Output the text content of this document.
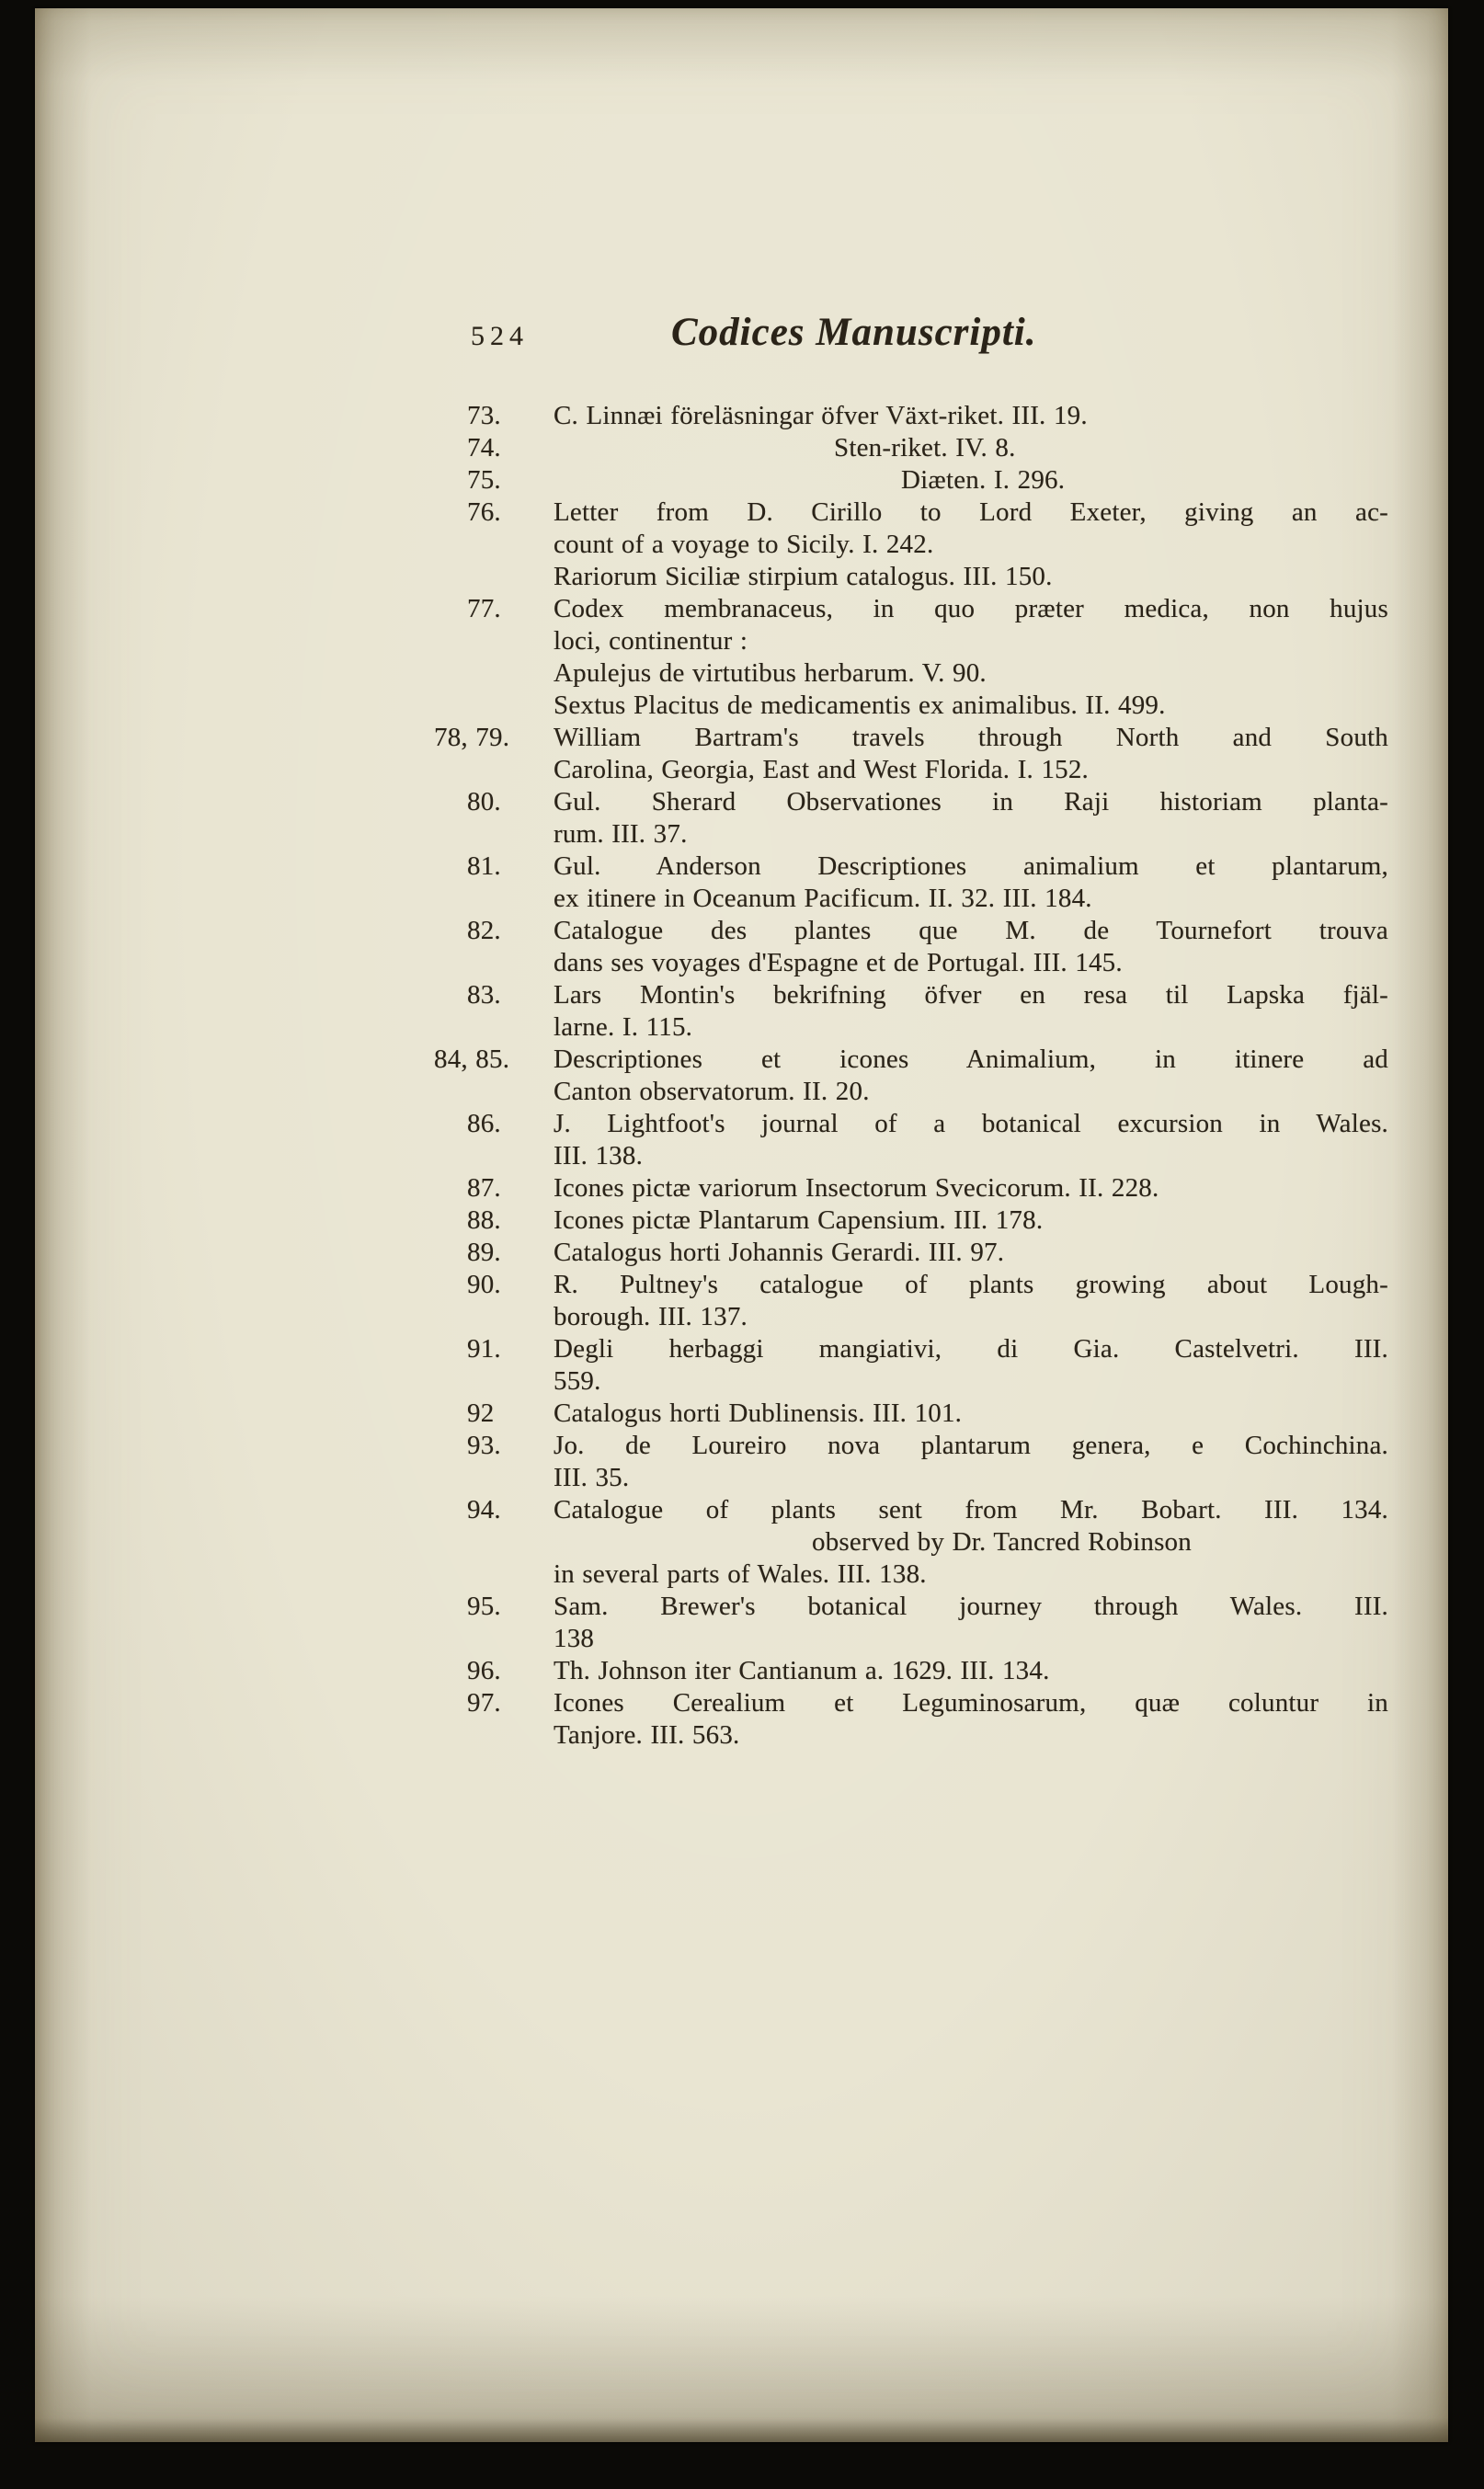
524	Codices Manuscripti.
73.	C. Linnæi föreläsningar öfver Växt-riket. III. 19.
74.	Sten-riket. IV. 8.
75.	Diæten. I. 296.
76.	Letter from D. Cirillo to Lord Exeter, giving an ac-
count of a voyage to Sicily. I. 242.
Rariorum Siciliæ stirpium catalogus. III. 150.
77.	Codex membranaceus, in quo præter medica, non hujus
loci, continentur :
Apulejus de virtutibus herbarum. V. 90.
Sextus Placitus de medicamentis ex animalibus. II. 499.
78, 79.	William Bartram's travels through North and South
Carolina, Georgia, East and West Florida. I. 152.
80.	Gul. Sherard Observationes in Raji historiam planta-
rum. III. 37.
81.	Gul. Anderson Descriptiones animalium et plantarum,
ex itinere in Oceanum Pacificum. II. 32. III. 184.
82.	Catalogue des plantes que M. de Tournefort trouva
dans ses voyages d'Espagne et de Portugal. III. 145.
83.	Lars Montin's bekrifning öfver en resa til Lapska fjäl-
larne. I. 115.
84, 85.	Descriptiones et icones Animalium, in itinere ad
Canton observatorum. II. 20.
86.	J. Lightfoot's journal of a botanical excursion in Wales.
III. 138.
87.	Icones pictæ variorum Insectorum Svecicorum. II. 228.
88.	Icones pictæ Plantarum Capensium. III. 178.
89.	Catalogus horti Johannis Gerardi. III. 97.
90.	R. Pultney's catalogue of plants growing about Lough-
borough. III. 137.
91.	Degli herbaggi mangiativi, di Gia. Castelvetri. III.
559.
92	Catalogus horti Dublinensis. III. 101.
93.	Jo. de Loureiro nova plantarum genera, e Cochinchina.
III. 35.
94.	Catalogue of plants sent from Mr. Bobart. III. 134.
observed by Dr. Tancred Robinson
in several parts of Wales. III. 138.
95.	Sam. Brewer's botanical journey through Wales. III.
138
96.	Th. Johnson iter Cantianum a. 1629. III. 134.
97.	Icones Cerealium et Leguminosarum, quæ coluntur in
Tanjore. III. 563.
